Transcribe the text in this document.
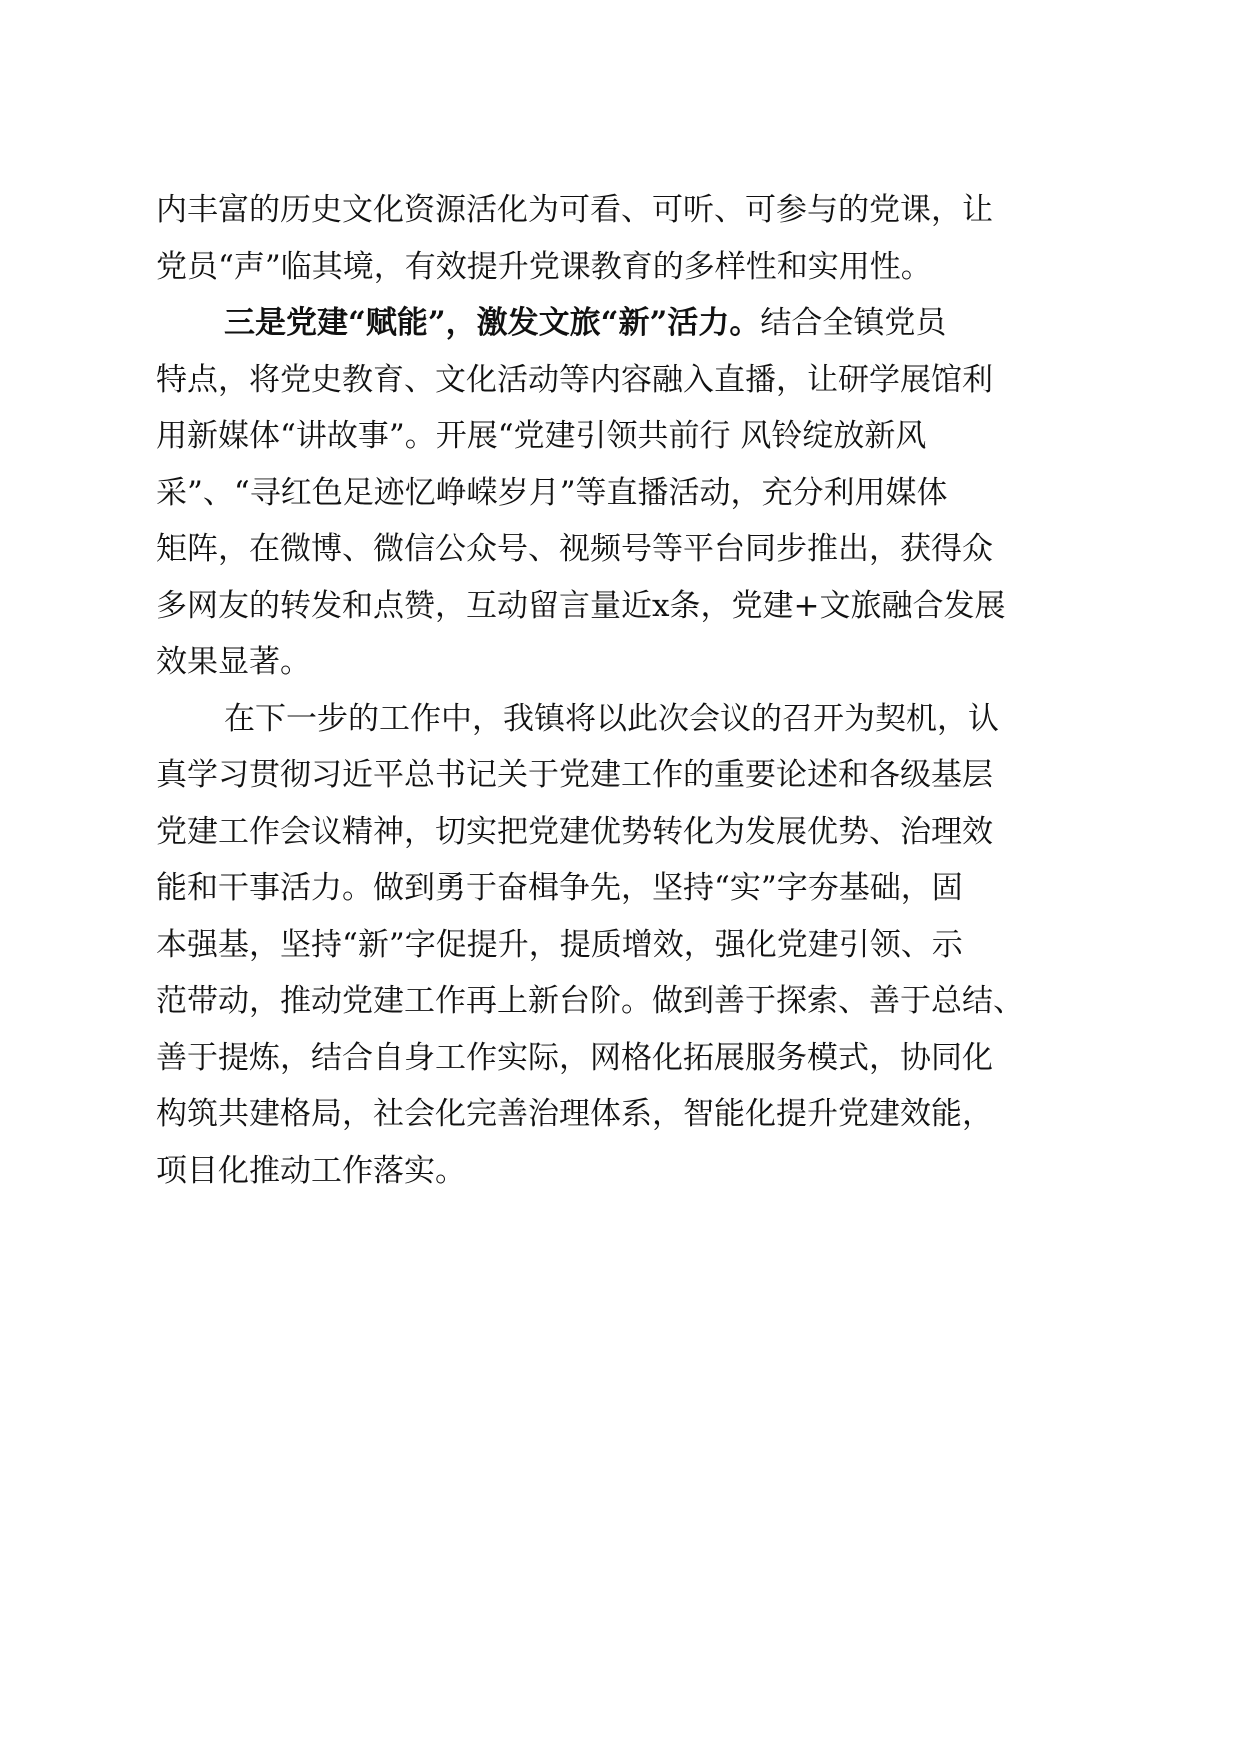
内丰富的历史文化资源活化为可看、可听、可参与的党课，让
党员“声”临其境，有效提升党课教育的多样性和实用性。
三是党建“赋能”，激发文旅“新”活力。结合全镇党员
特点，将党史教育、文化活动等内容融入直播，让研学展馆利
用新媒体“讲故事”。开展“党建引领共前行 风铃绽放新风
采”、“寻红色足迹忆峥嵘岁月”等直播活动，充分利用媒体
矩阵，在微博、微信公众号、视频号等平台同步推出，获得众
多网友的转发和点赞，互动留言量近x条，党建+文旅融合发展
效果显著。
在下一步的工作中，我镇将以此次会议的召开为契机，认
真学习贯彻习近平总书记关于党建工作的重要论述和各级基层
党建工作会议精神，切实把党建优势转化为发展优势、治理效
能和干事活力。做到勇于奋楫争先，坚持“实”字夯基础，固
本强基，坚持“新”字促提升，提质增效，强化党建引领、示
范带动，推动党建工作再上新台阶。做到善于探索、善于总结、
善于提炼，结合自身工作实际，网格化拓展服务模式，协同化
构筑共建格局，社会化完善治理体系，智能化提升党建效能，
项目化推动工作落实。
